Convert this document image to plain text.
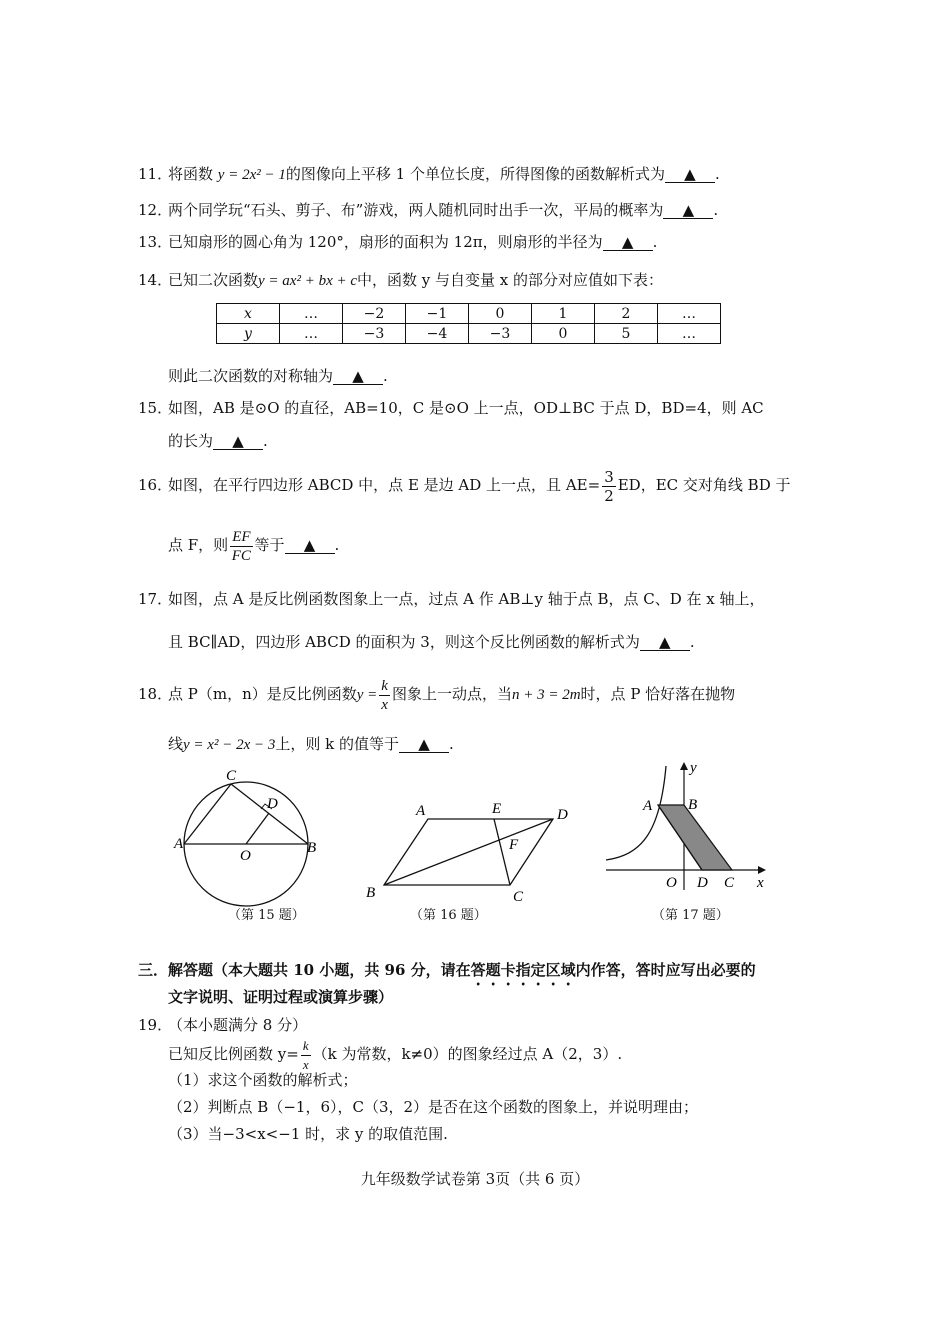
11．
将函数 y = 2x² − 1的图像向上平移 1 个单位长度，所得图像的函数解析式为 ▲ .
12．
两个同学玩“石头、剪子、布”游戏，两人随机同时出手一次，平局的概率为 ▲ .
13．
已知扇形的圆心角为 120°，扇形的面积为 12π，则扇形的半径为 ▲ .
14．
已知二次函数y = ax² + bx + c中，函数 y 与自变量 x 的部分对应值如下表：
x	…	−2	−1	0	1	2	…
y	…	−3	−4	−3	0	5	…
则此二次函数的对称轴为 ▲ .
15．
如图，AB 是⊙O 的直径，AB=10，C 是⊙O 上一点，OD⊥BC 于点 D，BD=4，则 AC
的长为 ▲ .
16．
如图，在平行四边形 ABCD 中，点 E 是边 AD 上一点，且 $AE= \frac{3}{2}$ ED，EC 交对角线 BD 于
点 F，则 $\frac{EF}{FC}$ 等于 ▲ .
17．
如图，点 A 是反比例函数图象上一点，过点 A 作 AB⊥y 轴于点 B，点 C、D 在 x 轴上，
且 BC∥AD，四边形 ABCD 的面积为 3，则这个反比例函数的解析式为 ▲ .
18．
点 P（m，n）是反比例函数$y = \frac{k}{x}$ 图象上一动点，当n + 3 = 2m时，点 P 恰好落在抛物
线y = x² − 2x − 3上，则 k 的值等于 ▲ .
C
D
A
O	B
（第 15 题）
A	E	D
F
B	C
（第 16 题）
y
A B
O D C x
（第 17 题）
三． 解答题（本大题共 10 小题，共 96 分，请在答题卡指定区域内作答，答时应写出必要的
文字说明、证明过程或演算步骤）
19．
（本小题满分 8 分）
已知反比例函数 $y= \frac{k}{x} (k$ 为常数，k≠0）的图象经过点 A（2，3）.
（1）求这个函数的解析式；
（2）判断点 B（−1，6），C（3，2）是否在这个函数的图象上，并说明理由；
（3）当−3<x<−1 时，求 y 的取值范围.
九年级数学试卷第 3页（共 6 页）
